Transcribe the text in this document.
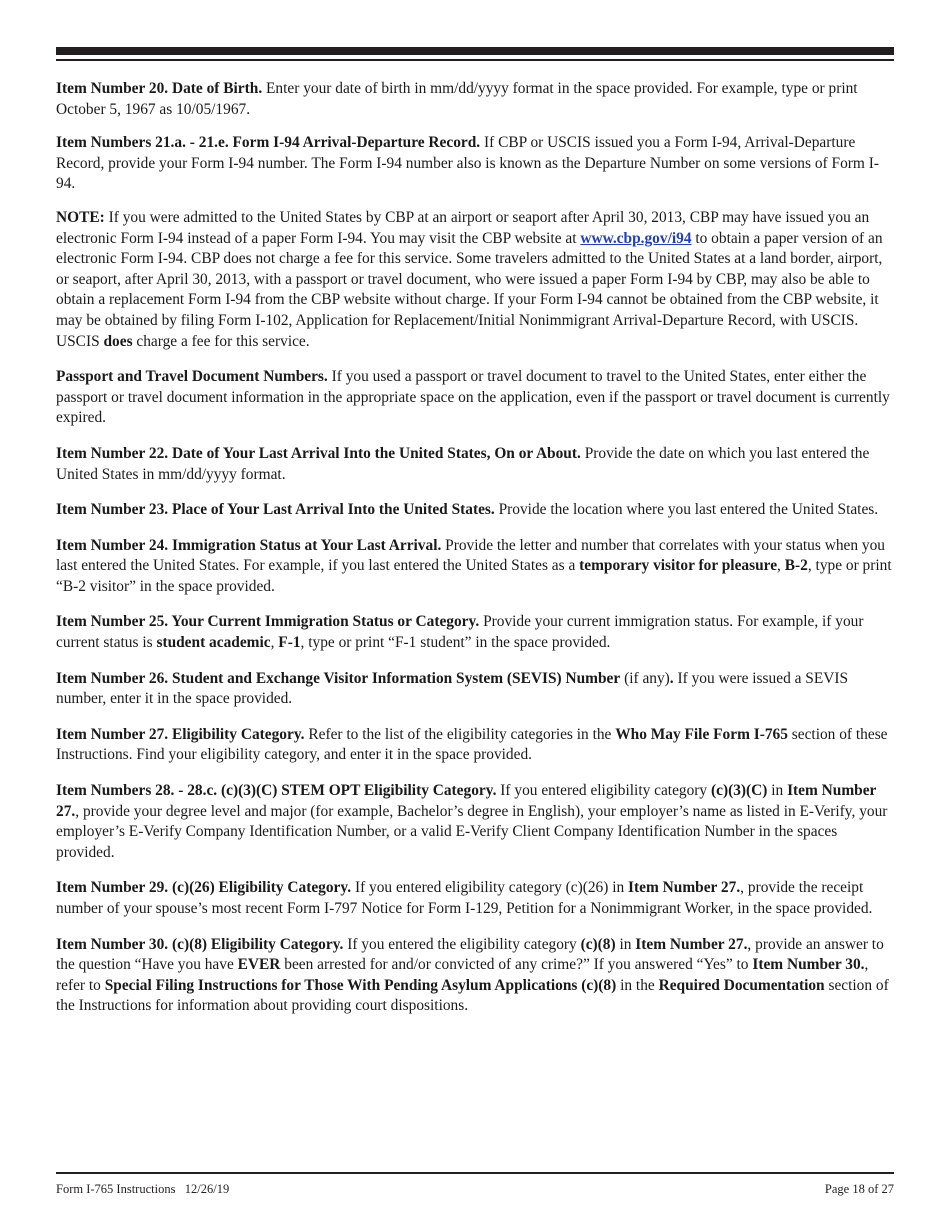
Item Number 20. Date of Birth. Enter your date of birth in mm/dd/yyyy format in the space provided. For example, type or print October 5, 1967 as 10/05/1967.

Item Numbers 21.a. - 21.e. Form I-94 Arrival-Departure Record. If CBP or USCIS issued you a Form I-94, Arrival-Departure Record, provide your Form I-94 number. The Form I-94 number also is known as the Departure Number on some versions of Form I-94.

NOTE: If you were admitted to the United States by CBP at an airport or seaport after April 30, 2013, CBP may have issued you an electronic Form I-94 instead of a paper Form I-94. You may visit the CBP website at www.cbp.gov/i94 to obtain a paper version of an electronic Form I-94. CBP does not charge a fee for this service. Some travelers admitted to the United States at a land border, airport, or seaport, after April 30, 2013, with a passport or travel document, who were issued a paper Form I-94 by CBP, may also be able to obtain a replacement Form I-94 from the CBP website without charge. If your Form I-94 cannot be obtained from the CBP website, it may be obtained by filing Form I-102, Application for Replacement/Initial Nonimmigrant Arrival-Departure Record, with USCIS. USCIS does charge a fee for this service.

Passport and Travel Document Numbers. If you used a passport or travel document to travel to the United States, enter either the passport or travel document information in the appropriate space on the application, even if the passport or travel document is currently expired.

Item Number 22. Date of Your Last Arrival Into the United States, On or About. Provide the date on which you last entered the United States in mm/dd/yyyy format.

Item Number 23. Place of Your Last Arrival Into the United States. Provide the location where you last entered the United States.

Item Number 24. Immigration Status at Your Last Arrival. Provide the letter and number that correlates with your status when you last entered the United States. For example, if you last entered the United States as a temporary visitor for pleasure, B-2, type or print “B-2 visitor” in the space provided.

Item Number 25. Your Current Immigration Status or Category. Provide your current immigration status. For example, if your current status is student academic, F-1, type or print “F-1 student” in the space provided.

Item Number 26. Student and Exchange Visitor Information System (SEVIS) Number (if any). If you were issued a SEVIS number, enter it in the space provided.

Item Number 27. Eligibility Category. Refer to the list of the eligibility categories in the Who May File Form I-765 section of these Instructions. Find your eligibility category, and enter it in the space provided.

Item Numbers 28. - 28.c. (c)(3)(C) STEM OPT Eligibility Category. If you entered eligibility category (c)(3)(C) in Item Number 27., provide your degree level and major (for example, Bachelor’s degree in English), your employer’s name as listed in E-Verify, your employer’s E-Verify Company Identification Number, or a valid E-Verify Client Company Identification Number in the spaces provided.

Item Number 29. (c)(26) Eligibility Category. If you entered eligibility category (c)(26) in Item Number 27., provide the receipt number of your spouse’s most recent Form I-797 Notice for Form I-129, Petition for a Nonimmigrant Worker, in the space provided.

Item Number 30. (c)(8) Eligibility Category. If you entered the eligibility category (c)(8) in Item Number 27., provide an answer to the question “Have you have EVER been arrested for and/or convicted of any crime?” If you answered “Yes” to Item Number 30., refer to Special Filing Instructions for Those With Pending Asylum Applications (c)(8) in the Required Documentation section of the Instructions for information about providing court dispositions.

Form I-765 Instructions   12/26/19	Page 18 of 27
